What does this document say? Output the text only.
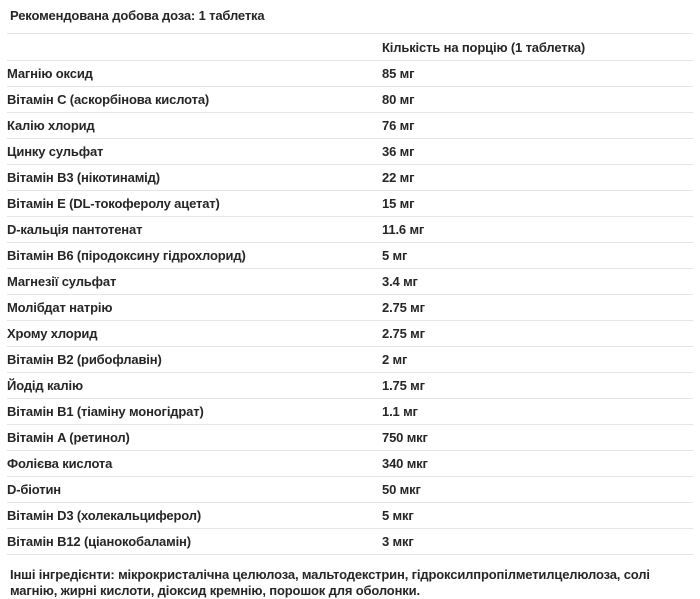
Рекомендована добова доза: 1 таблетка
	Кількість на порцію (1 таблетка)
Магнію оксид	85 мг
Вітамін C (аскорбінова кислота)	80 мг
Калію хлорид	76 мг
Цинку сульфат	36 мг
Вітамін B3 (нікотинамід)	22 мг
Вітамін E (DL-токоферолу ацетат)	15 мг
D-кальція пантотенат	11.6 мг
Вітамін B6 (піродоксину гідрохлорид)	5 мг
Магнезії сульфат	3.4 мг
Молібдат натрію	2.75 мг
Хрому хлорид	2.75 мг
Вітамін B2 (рибофлавін)	2 мг
Йодід калію	1.75 мг
Вітамін B1 (тіаміну моногідрат)	1.1 мг
Вітамін A (ретинол)	750 мкг
Фолієва кислота	340 мкг
D-біотин	50 мкг
Вітамін D3 (холекальциферол)	5 мкг
Вітамін B12 (ціанокобаламін)	3 мкг

Інші інгредієнти: мікрокристалічна целюлоза, мальтодекстрин, гідроксилпропілметилцелюлоза, солі магнію, жирні кислоти, діоксид кремнію, порошок для оболонки.
